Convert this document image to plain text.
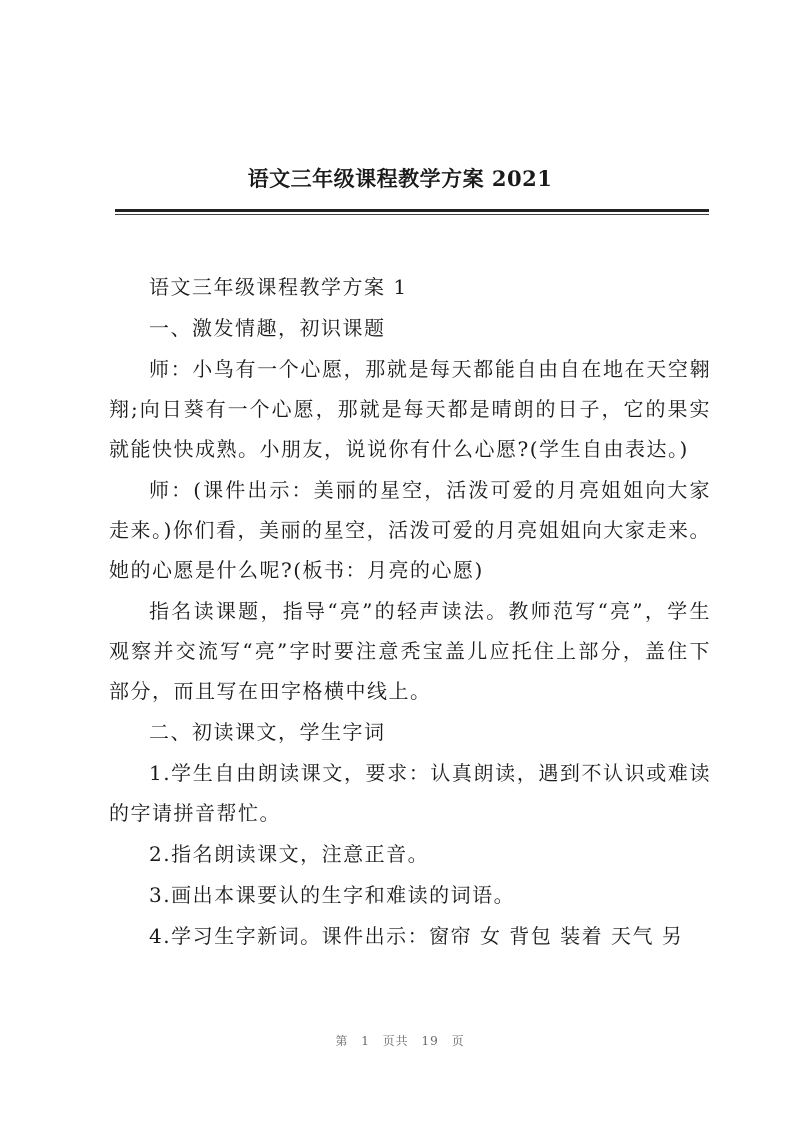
语文三年级课程教学方案 2021

语文三年级课程教学方案 1

一、激发情趣，初识课题

师：小鸟有一个心愿，那就是每天都能自由自在地在天空翱翔;向日葵有一个心愿，那就是每天都是晴朗的日子，它的果实就能快快成熟。小朋友，说说你有什么心愿?(学生自由表达。)

师：(课件出示：美丽的星空，活泼可爱的月亮姐姐向大家走来。)你们看，美丽的星空，活泼可爱的月亮姐姐向大家走来。她的心愿是什么呢?(板书：月亮的心愿)

指名读课题，指导“亮”的轻声读法。教师范写“亮”，学生观察并交流写“亮”字时要注意秃宝盖儿应托住上部分，盖住下部分，而且写在田字格横中线上。

二、初读课文，学生字词

1.学生自由朗读课文，要求：认真朗读，遇到不认识或难读的字请拼音帮忙。

2.指名朗读课文，注意正音。

3.画出本课要认的生字和难读的词语。

4.学习生字新词。课件出示：窗帘 女 背包 装着 天气 另

第 1 页共 19 页
